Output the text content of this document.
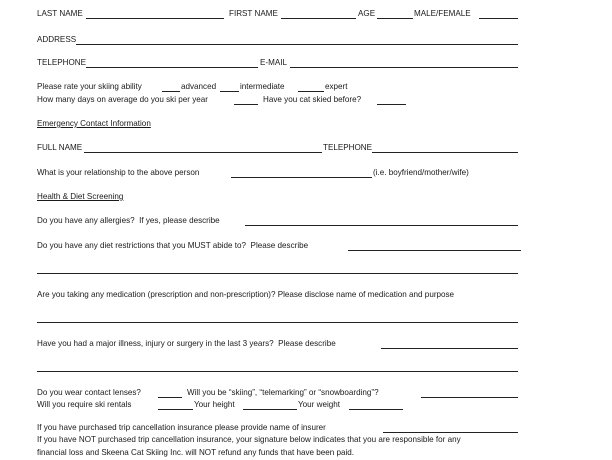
LAST NAME	FIRST NAME	AGE	MALE/FEMALE
ADDRESS
TELEPHONE	E-MAIL
Please rate your skiing ability	advanced	intermediate	expert
How many days on average do you ski per year	Have you cat skied before?
Emergency Contact Information
FULL NAME	TELEPHONE
What is your relationship to the above person	(i.e. boyfriend/mother/wife)
Health & Diet Screening
Do you have any allergies?  If yes, please describe
Do you have any diet restrictions that you MUST abide to?  Please describe
Are you taking any medication (prescription and non-prescription)? Please disclose name of medication and purpose
Have you had a major illness, injury or surgery in the last 3 years?  Please describe
Do you wear contact lenses?	Will you be “skiing”, “telemarking” or “snowboarding”?
Will you require ski rentals	Your height	Your weight
If you have purchased trip cancellation insurance please provide name of insurer
If you have NOT purchased trip cancellation insurance, your signature below indicates that you are responsible for any
financial loss and Skeena Cat Skiing Inc. will NOT refund any funds that have been paid.
